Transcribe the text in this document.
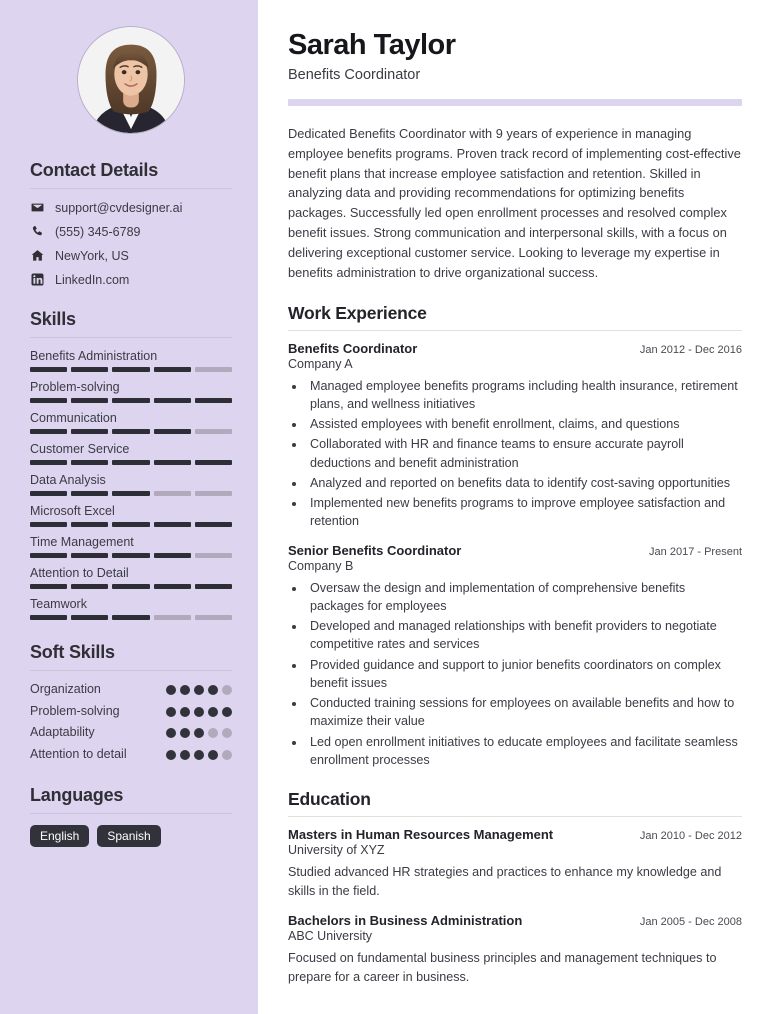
Contact Details
support@cvdesigner.ai
(555) 345-6789
NewYork, US
LinkedIn.com
Skills
Benefits Administration
Problem-solving
Communication
Customer Service
Data Analysis
Microsoft Excel
Time Management
Attention to Detail
Teamwork
Soft Skills
Organization
Problem-solving
Adaptability
Attention to detail
Languages
English	Spanish
Sarah Taylor
Benefits Coordinator

Dedicated Benefits Coordinator with 9 years of experience in managing employee benefits programs. Proven track record of implementing cost-effective benefit plans that increase employee satisfaction and retention. Skilled in analyzing data and providing recommendations for optimizing benefits packages. Successfully led open enrollment processes and resolved complex benefit issues. Strong communication and interpersonal skills, with a focus on delivering exceptional customer service. Looking to leverage my expertise in benefits administration to drive organizational success.

Work Experience
Benefits Coordinator	Jan 2012 - Dec 2016
Company A
• Managed employee benefits programs including health insurance, retirement plans, and wellness initiatives
• Assisted employees with benefit enrollment, claims, and questions
• Collaborated with HR and finance teams to ensure accurate payroll deductions and benefit administration
• Analyzed and reported on benefits data to identify cost-saving opportunities
• Implemented new benefits programs to improve employee satisfaction and retention
Senior Benefits Coordinator	Jan 2017 - Present
Company B
• Oversaw the design and implementation of comprehensive benefits packages for employees
• Developed and managed relationships with benefit providers to negotiate competitive rates and services
• Provided guidance and support to junior benefits coordinators on complex benefit issues
• Conducted training sessions for employees on available benefits and how to maximize their value
• Led open enrollment initiatives to educate employees and facilitate seamless enrollment processes
Education
Masters in Human Resources Management	Jan 2010 - Dec 2012
University of XYZ
Studied advanced HR strategies and practices to enhance my knowledge and skills in the field.
Bachelors in Business Administration	Jan 2005 - Dec 2008
ABC University
Focused on fundamental business principles and management techniques to prepare for a career in business.
